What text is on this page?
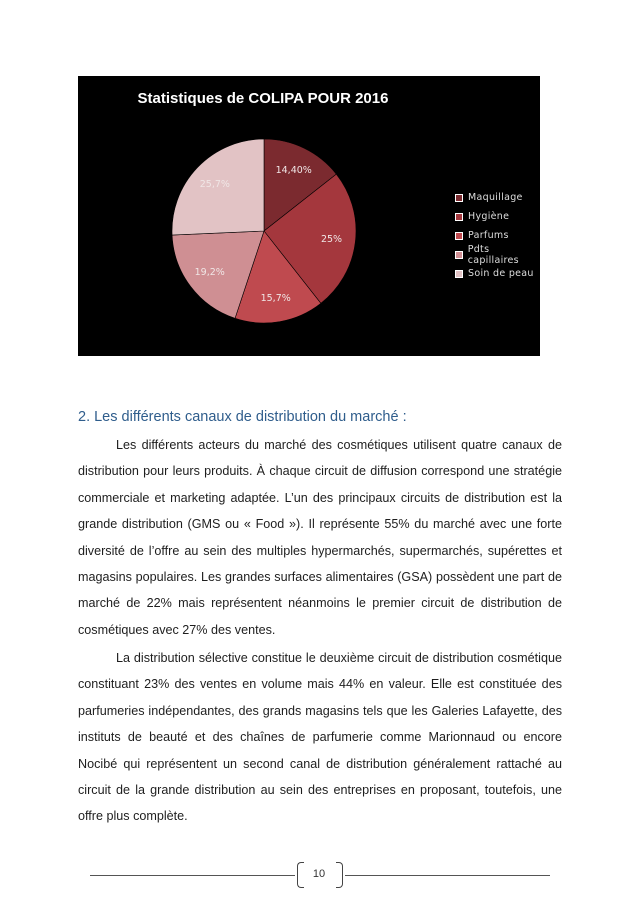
14,40%
25%
15,7%
19,2%
25,7%
Statistiques de COLIPA POUR 2016
Maquillage
Hygiène
Parfums
Pdts capillaires
Soin de peau
2. Les différents canaux de distribution du marché :

Les différents acteurs du marché des cosmétiques utilisent quatre canaux de distribution pour leurs produits. À chaque circuit de diffusion correspond une stratégie commerciale et marketing adaptée. L’un des principaux circuits de distribution est la grande distribution (GMS ou « Food »). Il représente 55% du marché avec une forte diversité de l’offre au sein des multiples hypermarchés, supermarchés, supérettes et magasins populaires. Les grandes surfaces alimentaires (GSA) possèdent une part de marché de 22% mais représentent néanmoins le premier circuit de distribution de cosmétiques avec 27% des ventes.

La distribution sélective constitue le deuxième circuit de distribution cosmétique constituant 23% des ventes en volume mais 44% en valeur. Elle est constituée des parfumeries indépendantes, des grands magasins tels que les Galeries Lafayette, des instituts de beauté et des chaînes de parfumerie comme Marionnaud ou encore Nocibé qui représentent un second canal de distribution généralement rattaché au circuit de la grande distribution au sein des entreprises en proposant, toutefois, une offre plus complète.

10
